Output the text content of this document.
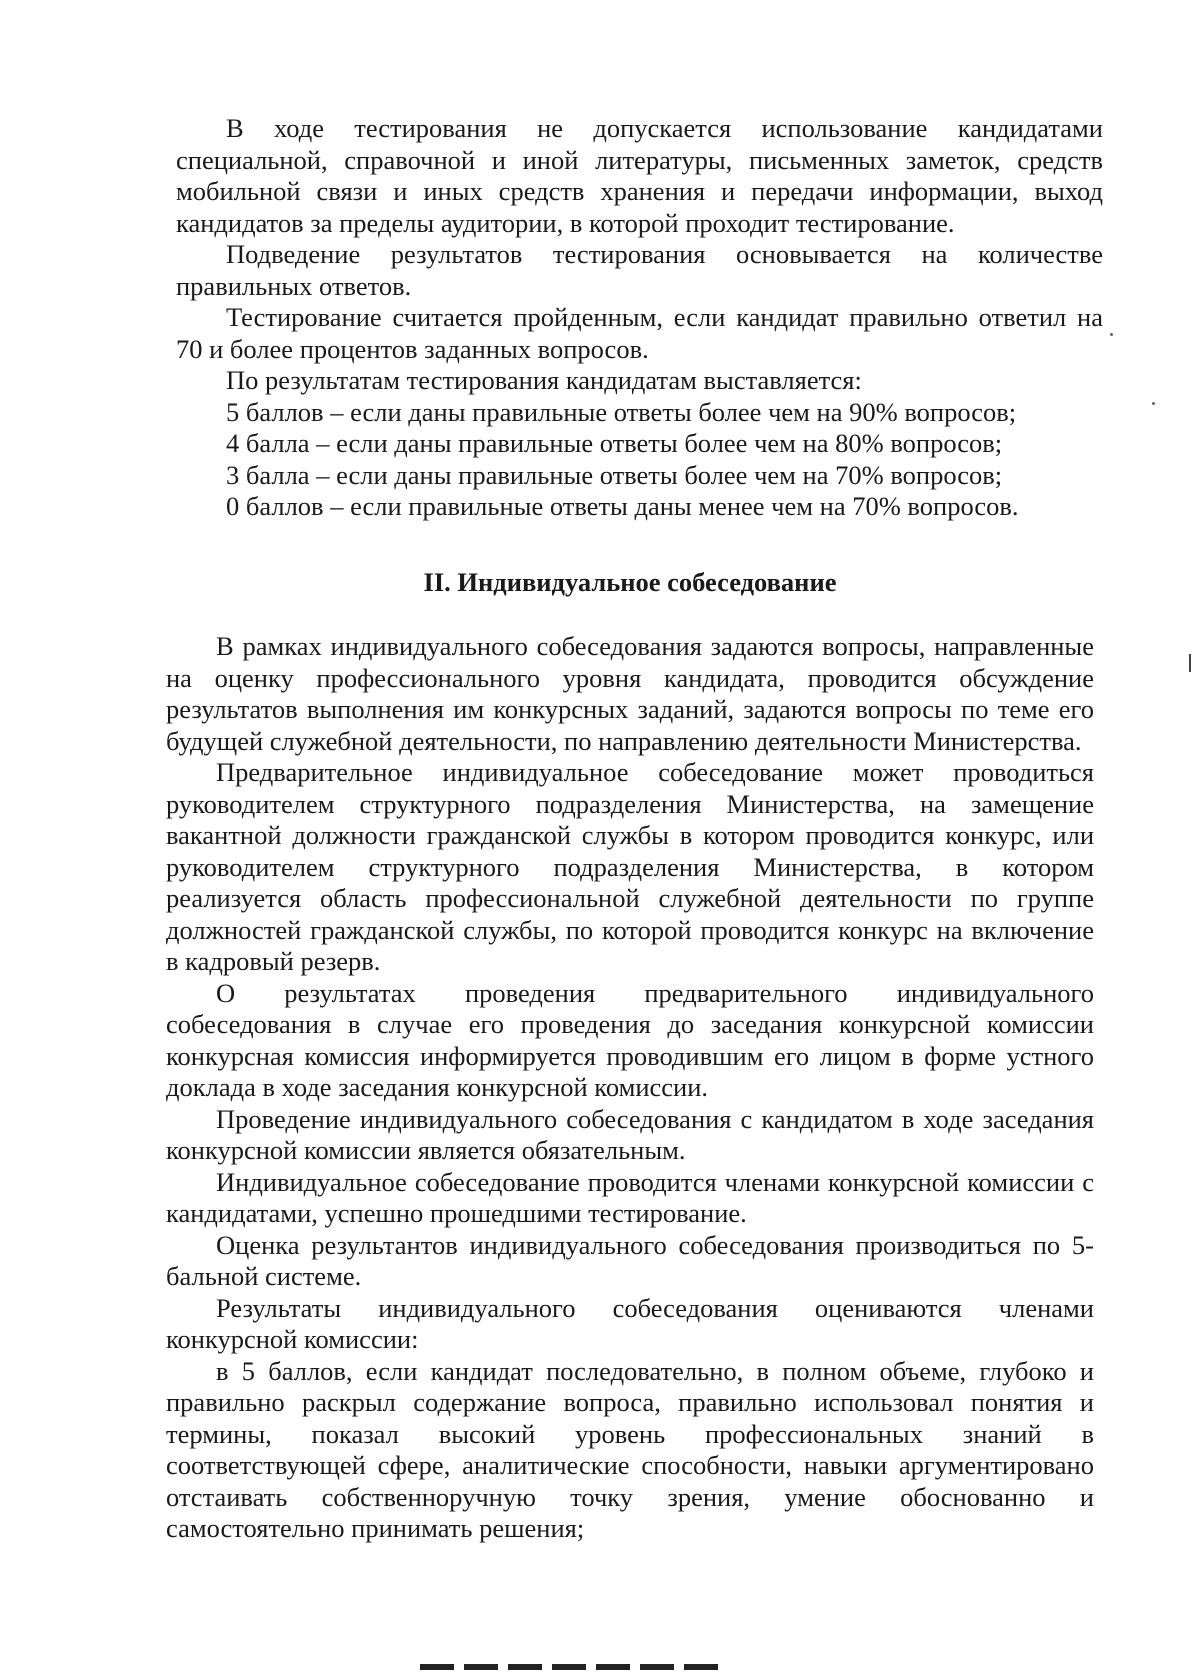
В ходе тестирования не допускается использование кандидатами специальной, справочной и иной литературы, письменных заметок, средств мобильной связи и иных средств хранения и передачи информации, выход кандидатов за пределы аудитории, в которой проходит тестирование.

Подведение результатов тестирования основывается на количестве правильных ответов.

Тестирование считается пройденным, если кандидат правильно ответил на 70 и более процентов заданных вопросов.

По результатам тестирования кандидатам выставляется:

5 баллов – если даны правильные ответы более чем на 90% вопросов;

4 балла – если даны правильные ответы более чем на 80% вопросов;

3 балла – если даны правильные ответы более чем на 70% вопросов;

0 баллов – если правильные ответы даны менее чем на 70% вопросов.

II. Индивидуальное собеседование

В рамках индивидуального собеседования задаются вопросы, направленные на оценку профессионального уровня кандидата, проводится обсуждение результатов выполнения им конкурсных заданий, задаются вопросы по теме его будущей служебной деятельности, по направлению деятельности Министерства.

Предварительное индивидуальное собеседование может проводиться руководителем структурного подразделения Министерства, на замещение вакантной должности гражданской службы в котором проводится конкурс, или руководителем структурного подразделения Министерства, в котором реализуется область профессиональной служебной деятельности по группе должностей гражданской службы, по которой проводится конкурс на включение в кадровый резерв.

О результатах проведения предварительного индивидуального собеседования в случае его проведения до заседания конкурсной комиссии конкурсная комиссия информируется проводившим его лицом в форме устного доклада в ходе заседания конкурсной комиссии.

Проведение индивидуального собеседования с кандидатом в ходе заседания конкурсной комиссии является обязательным.

Индивидуальное собеседование проводится членами конкурсной комиссии с кандидатами, успешно прошедшими тестирование.

Оценка результантов индивидуального собеседования производиться по 5-бальной системе.

Результаты индивидуального собеседования оцениваются членами конкурсной комиссии:

в 5 баллов, если кандидат последовательно, в полном объеме, глубоко и правильно раскрыл содержание вопроса, правильно использовал понятия и термины, показал высокий уровень профессиональных знаний в соответствующей сфере, аналитические способности, навыки аргументировано отстаивать собственноручную точку зрения, умение обоснованно и самостоятельно принимать решения;
